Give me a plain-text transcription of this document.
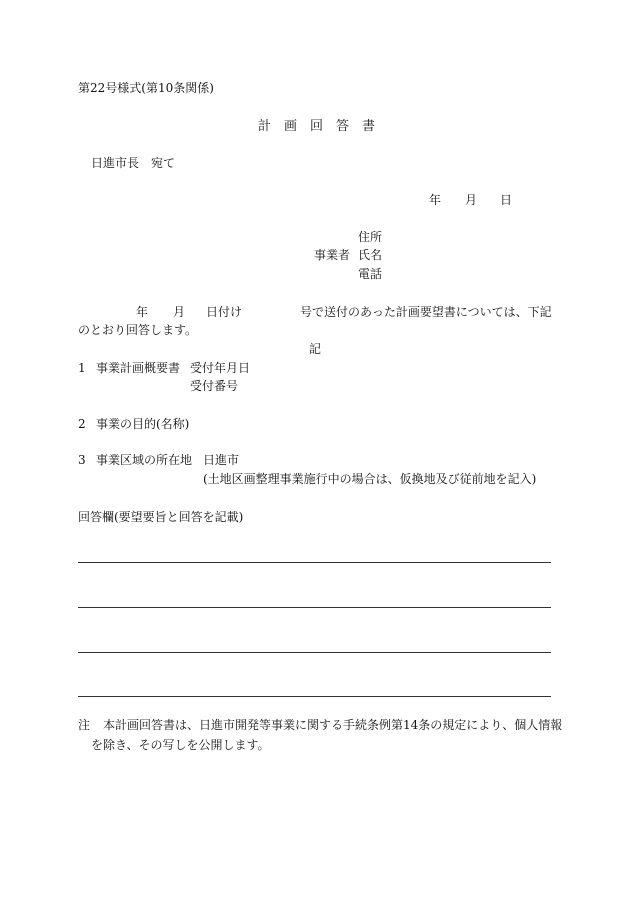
第22号様式(第10条関係)
計　画　回　答　書
日進市長　宛て
年 月 日
住所
事業者 氏名
電話
年 月 日付け	号で送付のあった計画要望書については、下記
のとおり回答します。
記
1 事業計画概要書 受付年月日
受付番号
2 事業の目的(名称)
3 事業区域の所在地 日進市
(土地区画整理事業施行中の場合は、仮換地及び従前地を記入)
回答欄(要望要旨と回答を記載)
注 本計画回答書は、日進市開発等事業に関する手続条例第14条の規定により、個人情報
を除き、その写しを公開します。
